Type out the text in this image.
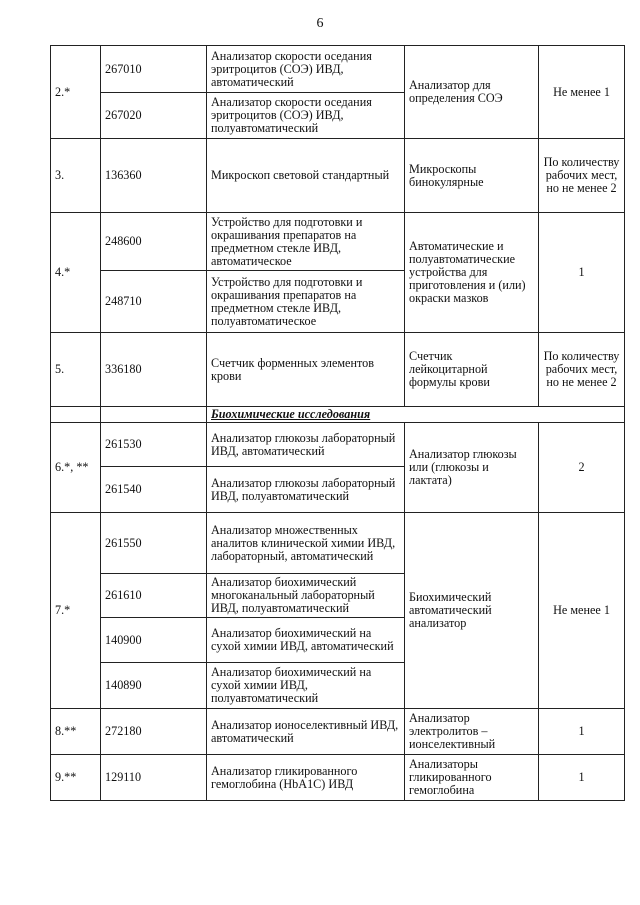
6
2.*	267010	Анализатор скорости оседания эритроцитов (СОЭ) ИВД, автоматический	Анализатор для определения СОЭ	Не менее 1
	267020	Анализатор скорости оседания эритроцитов (СОЭ) ИВД, полуавтоматический		
3.	136360	Микроскоп световой стандартный	Микроскопы бинокулярные	По количеству рабочих мест, но не менее 2
4.*	248600	Устройство для подготовки и окрашивания препаратов на предметном стекле ИВД, автоматическое	Автоматические и полуавтоматические устройства для приготовления и (или) окраски мазков	1
	248710	Устройство для подготовки и окрашивания препаратов на предметном стекле ИВД, полуавтоматическое		
5.	336180	Счетчик форменных элементов крови	Счетчик лейкоцитарной формулы крови	По количеству рабочих мест, но не менее 2
		Биохимические исследования		
6.*, **	261530	Анализатор глюкозы лабораторный ИВД, автоматический	Анализатор глюкозы или (глюкозы и лактата)	2
	261540	Анализатор глюкозы лабораторный ИВД, полуавтоматический		
7.*	261550	Анализатор множественных аналитов клинической химии ИВД, лабораторный, автоматический	Биохимический автоматический анализатор	Не менее 1
	261610	Анализатор биохимический многоканальный лабораторный ИВД, полуавтоматический		
	140900	Анализатор биохимический на сухой химии ИВД, автоматический		
	140890	Анализатор биохимический на сухой химии ИВД, полуавтоматический		
8.**	272180	Анализатор ионоселективный ИВД, автоматический	Анализатор электролитов – ионселективный	1
9.**	129110	Анализатор гликированного гемоглобина (HbA1C) ИВД	Анализаторы гликированного гемоглобина	1
